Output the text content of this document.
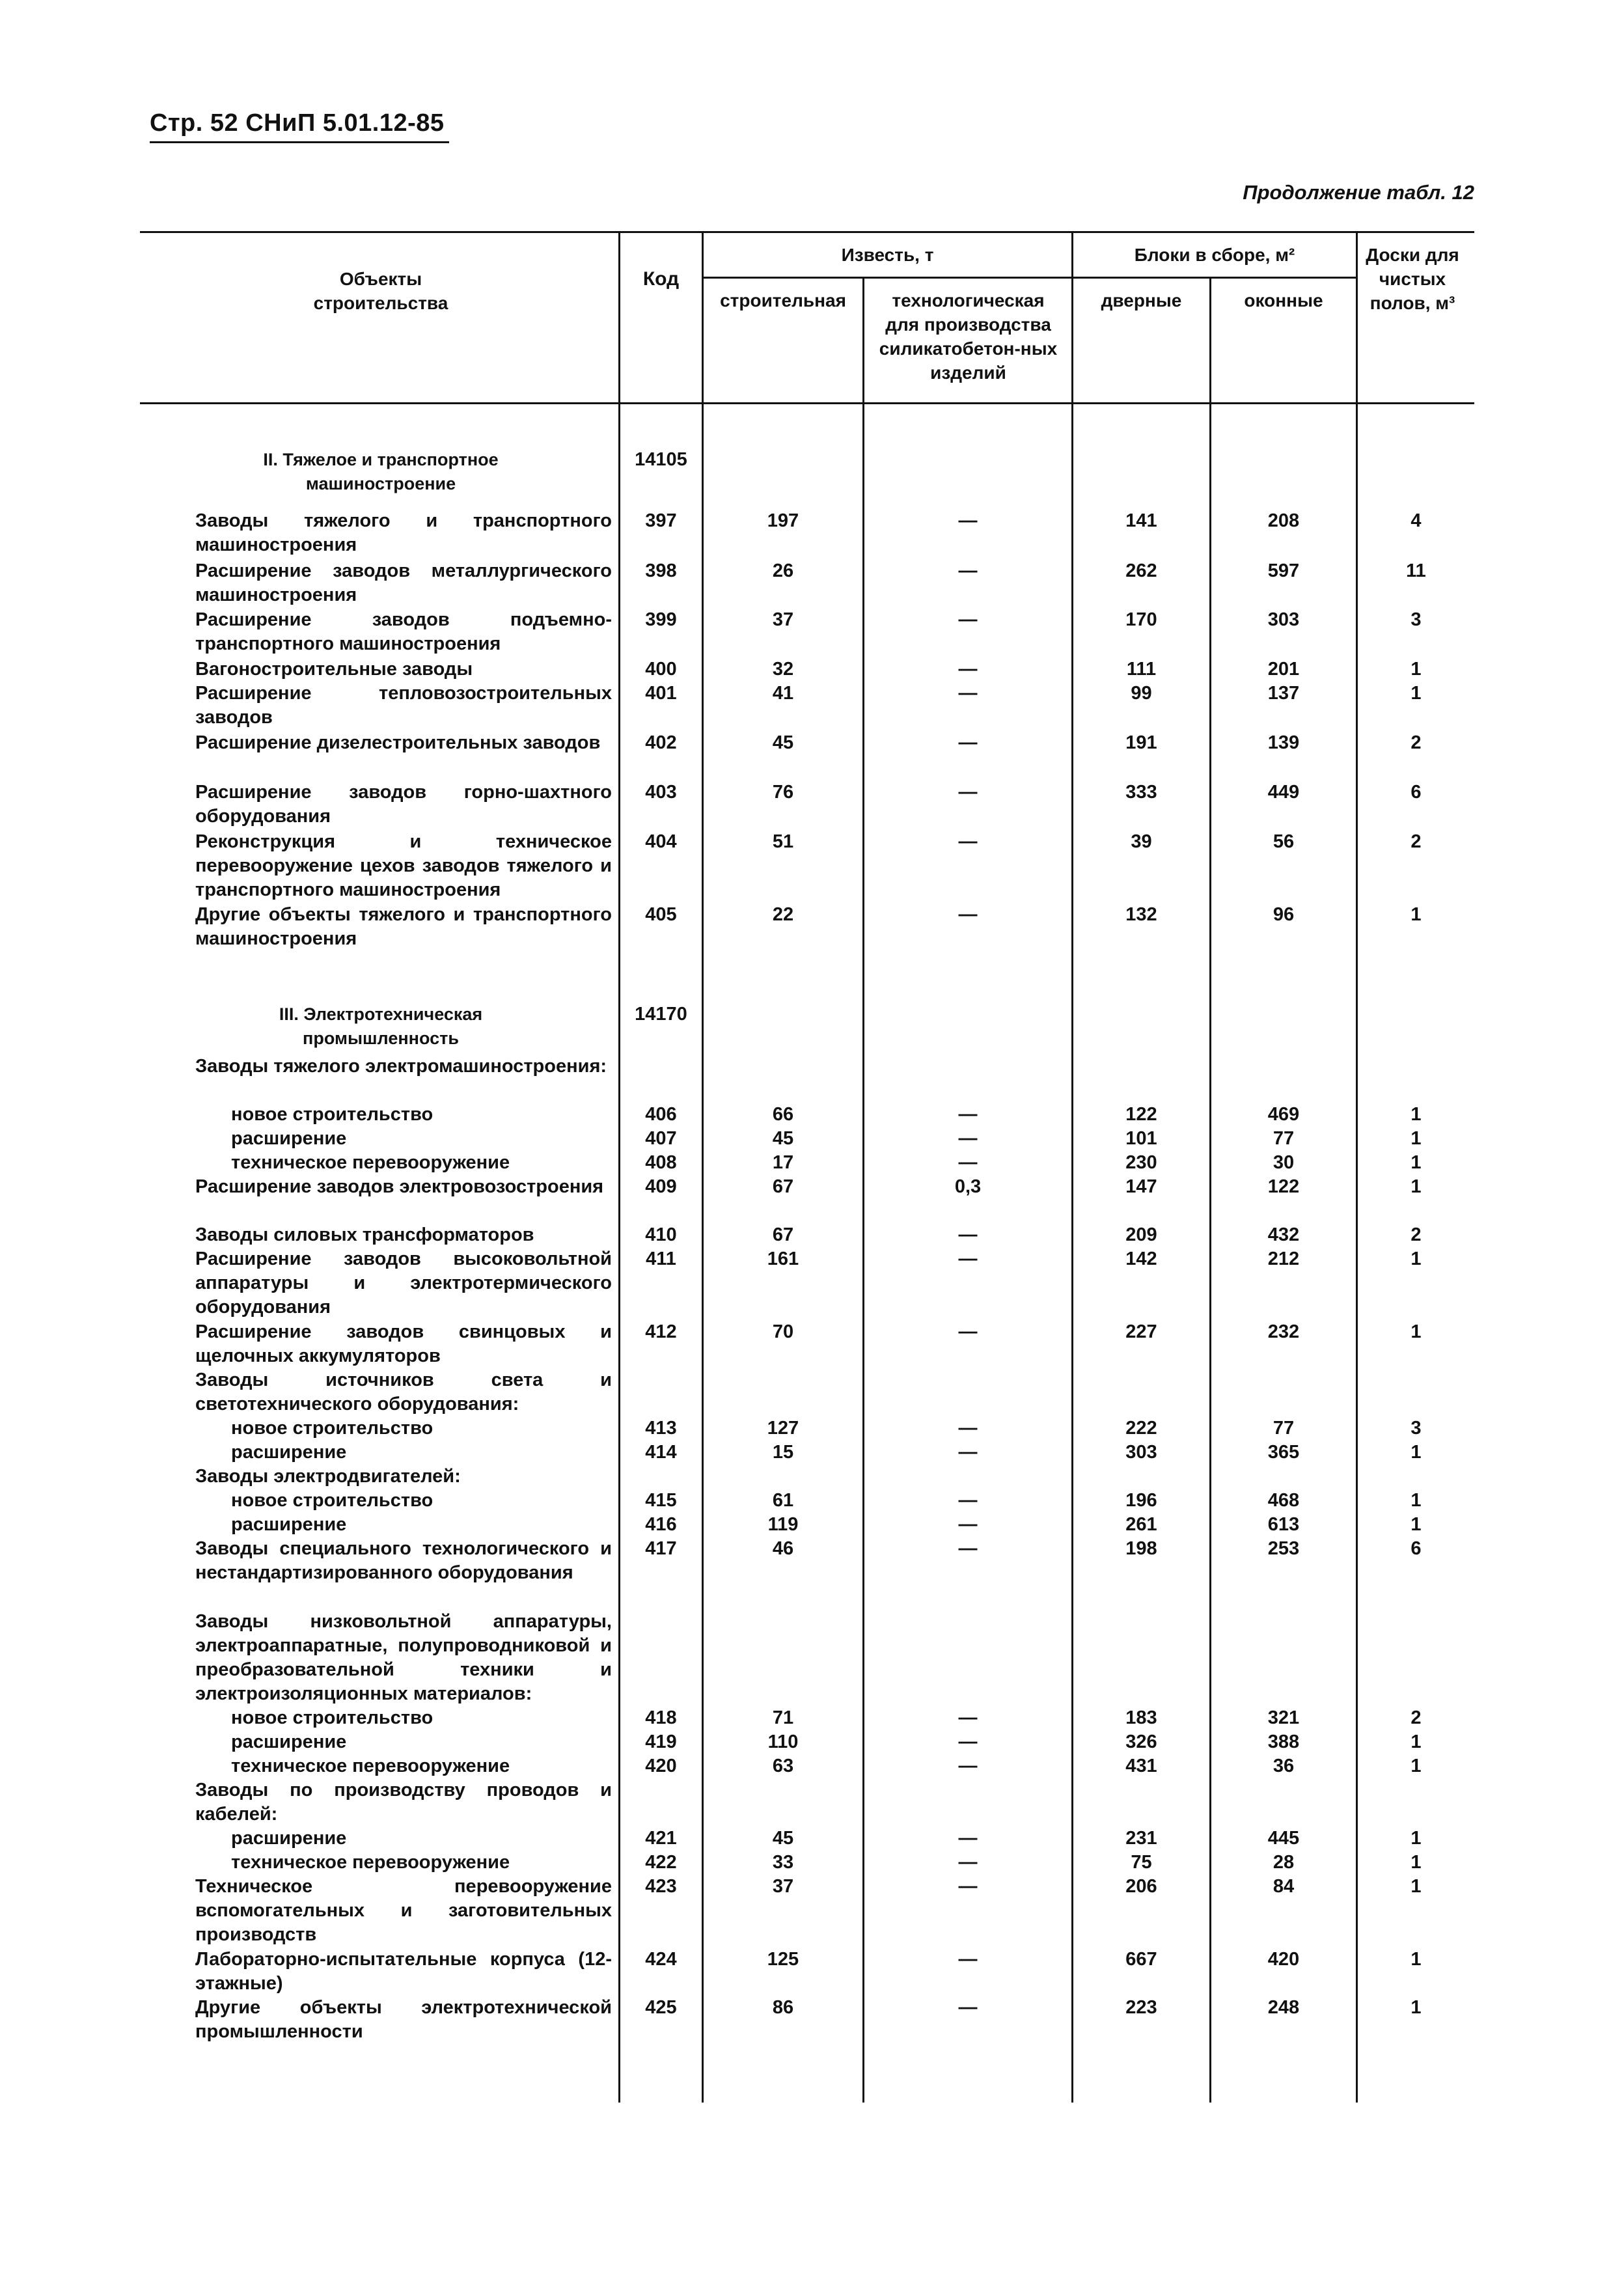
Стр. 52 СНиП 5.01.12-85
Продолжение табл. 12
Объекты строительства
Код
Известь, т
строительная	технологическая для производства силикатобетон-ных изделий
Блоки в сборе, м²
дверные	оконные
Доски для чистых полов, м³
II. Тяжелое и транспортное машиностроение
14105
Заводы тяжелого и транспортного машиностроения
397	197	—	141	208	4
Расширение заводов металлургического машиностроения
398	26	—	262	597	11
Расширение заводов подъемно-транспортного машиностроения
399	37	—	170	303	3
Вагоностроительные заводы	400	32	—	111	201	1
Расширение тепловозостроительных заводов
401	41	—	99	137	1
Расширение дизелестроительных заводов	402	45	—	191	139	2
Расширение заводов горно-шахтного оборудования
403	76	—	333	449	6
Реконструкция и техническое перевооружение цехов заводов тяжелого и транспортного машиностроения
404	51	—	39	56	2
Другие объекты тяжелого и транспортного машиностроения
405	22	—	132	96	1
III. Электротехническая промышленность
14170
Заводы тяжелого электромашиностроения:
новое строительство	406	66	—	122	469	1
расширение	407	45	—	101	77	1
техническое перевооружение	408	17	—	230	30	1
Расширение заводов электровозостроения	409	67	0,3	147	122	1
Заводы силовых трансформаторов	410	67	—	209	432	2
Расширение заводов высоковольтной аппаратуры и электротермического оборудования
411	161	—	142	212	1
Расширение заводов свинцовых и щелочных аккумуляторов
412	70	—	227	232	1
Заводы источников света и светотехнического оборудования:
новое строительство	413	127	—	222	77	3
расширение	414	15	—	303	365	1
Заводы электродвигателей:
новое строительство	415	61	—	196	468	1
расширение	416	119	—	261	613	1
Заводы специального технологического и нестандартизированного оборудования
417	46	—	198	253	6
Заводы низковольтной аппаратуры, электроаппаратные, полупроводниковой и преобразовательной техники и электроизоляционных материалов:
новое строительство	418	71	—	183	321	2
расширение	419	110	—	326	388	1
техническое перевооружение	420	63	—	431	36	1
Заводы по производству проводов и кабелей:
расширение	421	45	—	231	445	1
техническое перевооружение	422	33	—	75	28	1
Техническое перевооружение вспомогательных и заготовительных производств
423	37	—	206	84	1
Лабораторно-испытательные корпуса (12-этажные)
424	125	—	667	420	1
Другие объекты электротехнической промышленности
425	86	—	223	248	1
